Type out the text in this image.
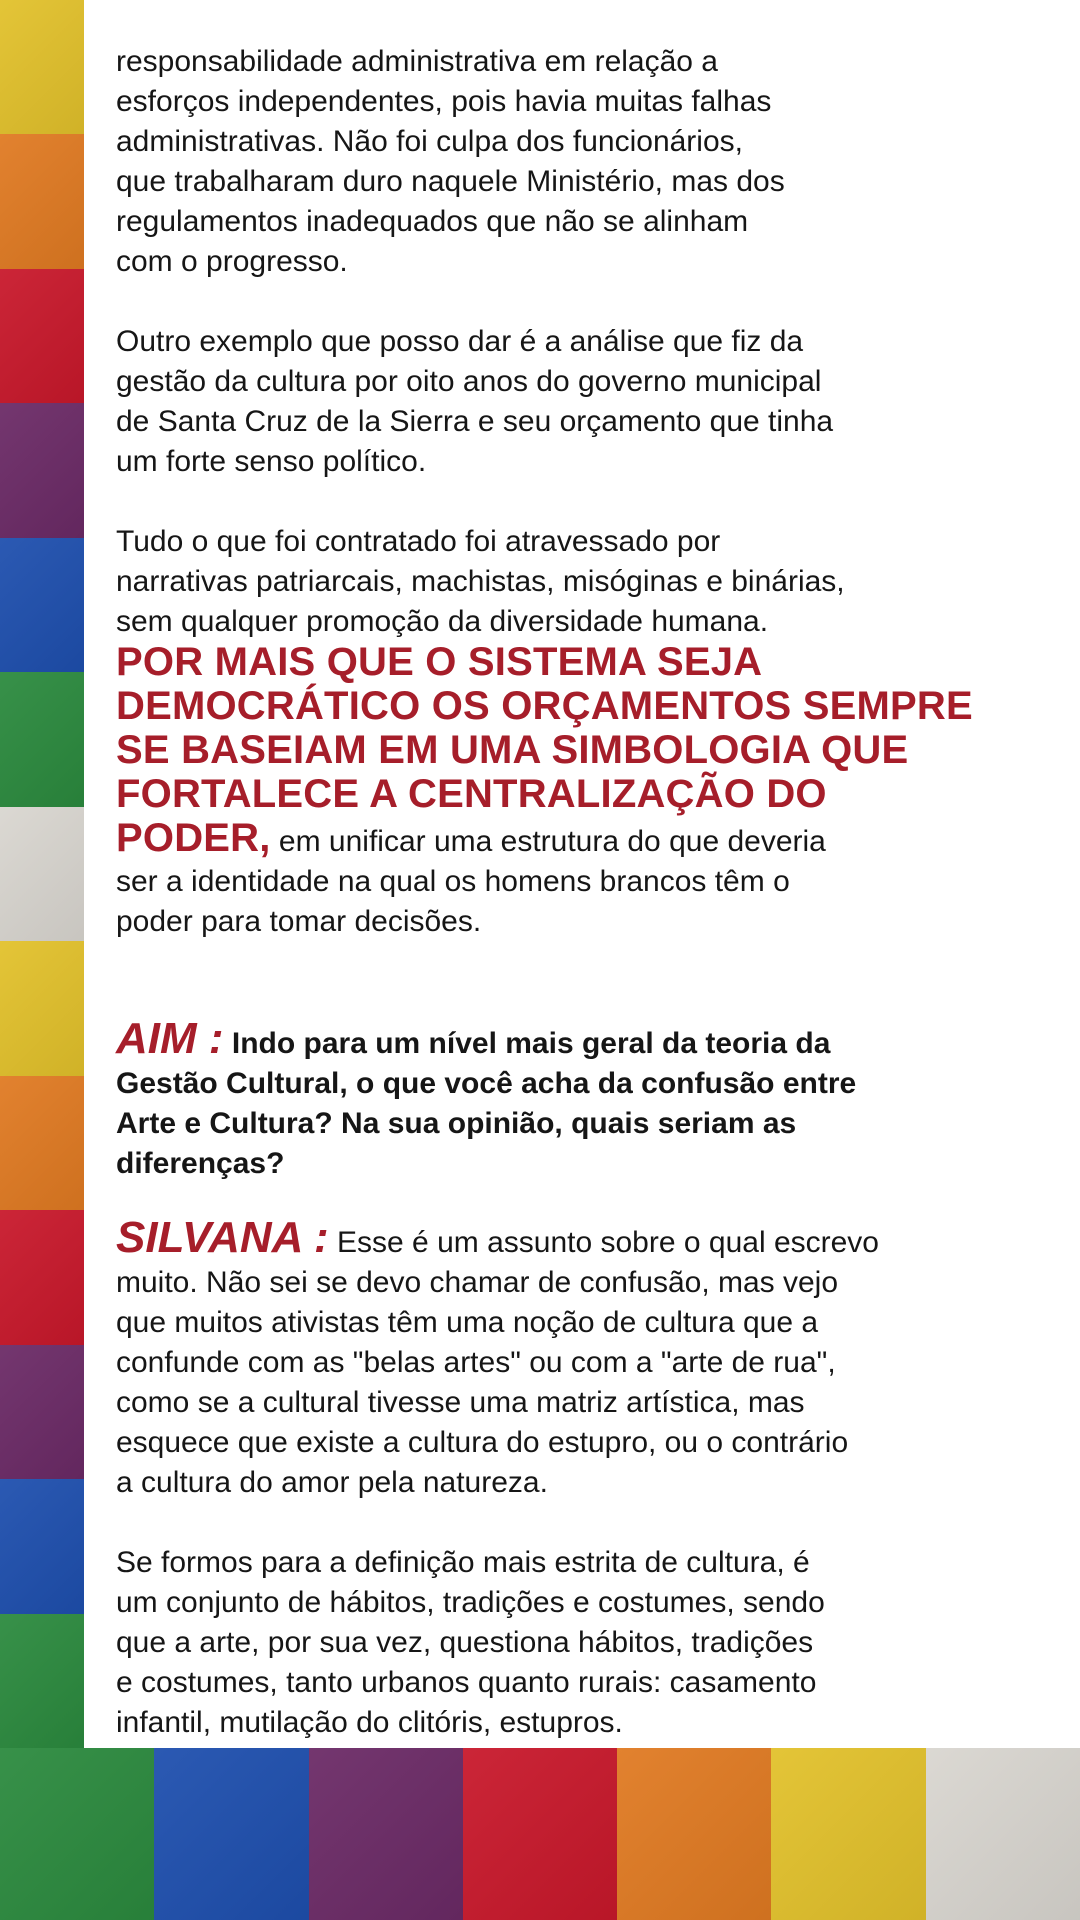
responsabilidade administrativa em relação a
esforços independentes, pois havia muitas falhas
administrativas. Não foi culpa dos funcionários,
que trabalharam duro naquele Ministério, mas dos
regulamentos inadequados que não se alinham
com o progresso.

Outro exemplo que posso dar é a análise que fiz da
gestão da cultura por oito anos do governo municipal
de Santa Cruz de la Sierra e seu orçamento que tinha
um forte senso político.

Tudo o que foi contratado foi atravessado por
narrativas patriarcais, machistas, misóginas e binárias,
sem qualquer promoção da diversidade humana.

POR MAIS QUE O SISTEMA SEJA
DEMOCRÁTICO OS ORÇAMENTOS SEMPRE
SE BASEIAM EM UMA SIMBOLOGIA QUE
FORTALECE A CENTRALIZAÇÃO DO
PODER, em unificar uma estrutura do que deveria
ser a identidade na qual os homens brancos têm o
poder para tomar decisões.

AIM : Indo para um nível mais geral da teoria da
Gestão Cultural, o que você acha da confusão entre
Arte e Cultura? Na sua opinião, quais seriam as
diferenças?

SILVANA : Esse é um assunto sobre o qual escrevo
muito. Não sei se devo chamar de confusão, mas vejo
que muitos ativistas têm uma noção de cultura que a
confunde com as "belas artes" ou com a "arte de rua",
como se a cultural tivesse uma matriz artística, mas
esquece que existe a cultura do estupro, ou o contrário
a cultura do amor pela natureza.

Se formos para a definição mais estrita de cultura, é
um conjunto de hábitos, tradições e costumes, sendo
que a arte, por sua vez, questiona hábitos, tradições
e costumes, tanto urbanos quanto rurais: casamento
infantil, mutilação do clitóris, estupros.
